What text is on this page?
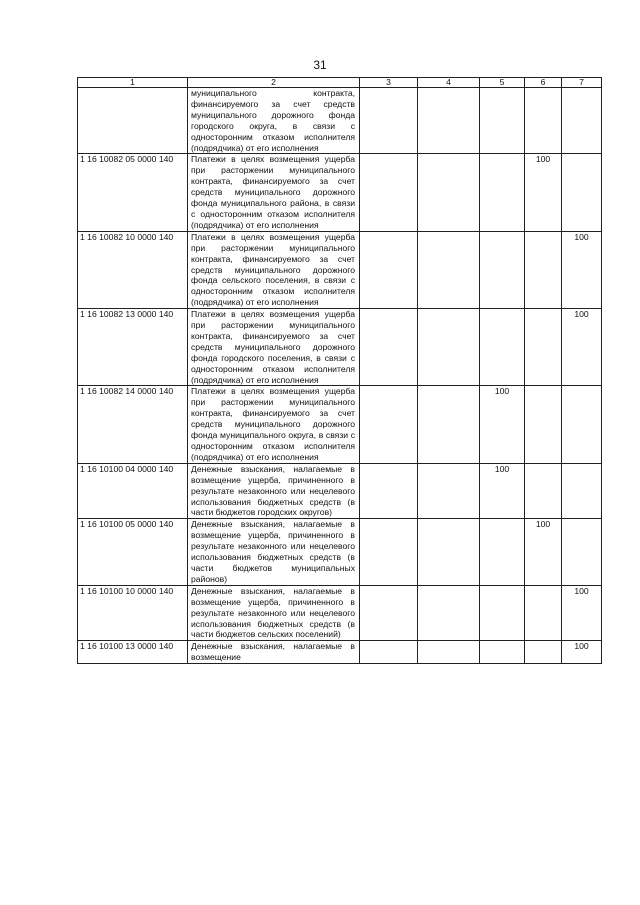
31
1	2	3	4	5	6	7
	муниципального контракта, финансируемого за счет средств муниципального дорожного фонда городского округа, в связи с односторонним отказом исполнителя (подрядчика) от его исполнения					
1 16 10082 05 0000 140	Платежи в целях возмещения ущерба при расторжении муниципального контракта, финансируемого за счет средств муниципального дорожного фонда муниципального района, в связи с односторонним отказом исполнителя (подрядчика) от его исполнения				100	
1 16 10082 10 0000 140	Платежи в целях возмещения ущерба при расторжении муниципального контракта, финансируемого за счет средств муниципального дорожного фонда сельского поселения, в связи с односторонним отказом исполнителя (подрядчика) от его исполнения					100
1 16 10082 13 0000 140	Платежи в целях возмещения ущерба при расторжении муниципального контракта, финансируемого за счет средств муниципального дорожного фонда городского поселения, в связи с односторонним отказом исполнителя (подрядчика) от его исполнения					100
1 16 10082 14 0000 140	Платежи в целях возмещения ущерба при расторжении муниципального контракта, финансируемого за счет средств муниципального дорожного фонда муниципального округа, в связи с односторонним отказом исполнителя (подрядчика) от его исполнения			100		
1 16 10100 04 0000 140	Денежные взыскания, налагаемые в возмещение ущерба, причиненного в результате незаконного или нецелевого использования бюджетных средств (в части бюджетов городских округов)			100		
1 16 10100 05 0000 140	Денежные взыскания, налагаемые в возмещение ущерба, причиненного в результате незаконного или нецелевого использования бюджетных средств (в части бюджетов муниципальных районов)				100	
1 16 10100 10 0000 140	Денежные взыскания, налагаемые в возмещение ущерба, причиненного в результате незаконного или нецелевого использования бюджетных средств (в части бюджетов сельских поселений)					100
1 16 10100 13 0000 140	Денежные взыскания, налагаемые в возмещение					100
